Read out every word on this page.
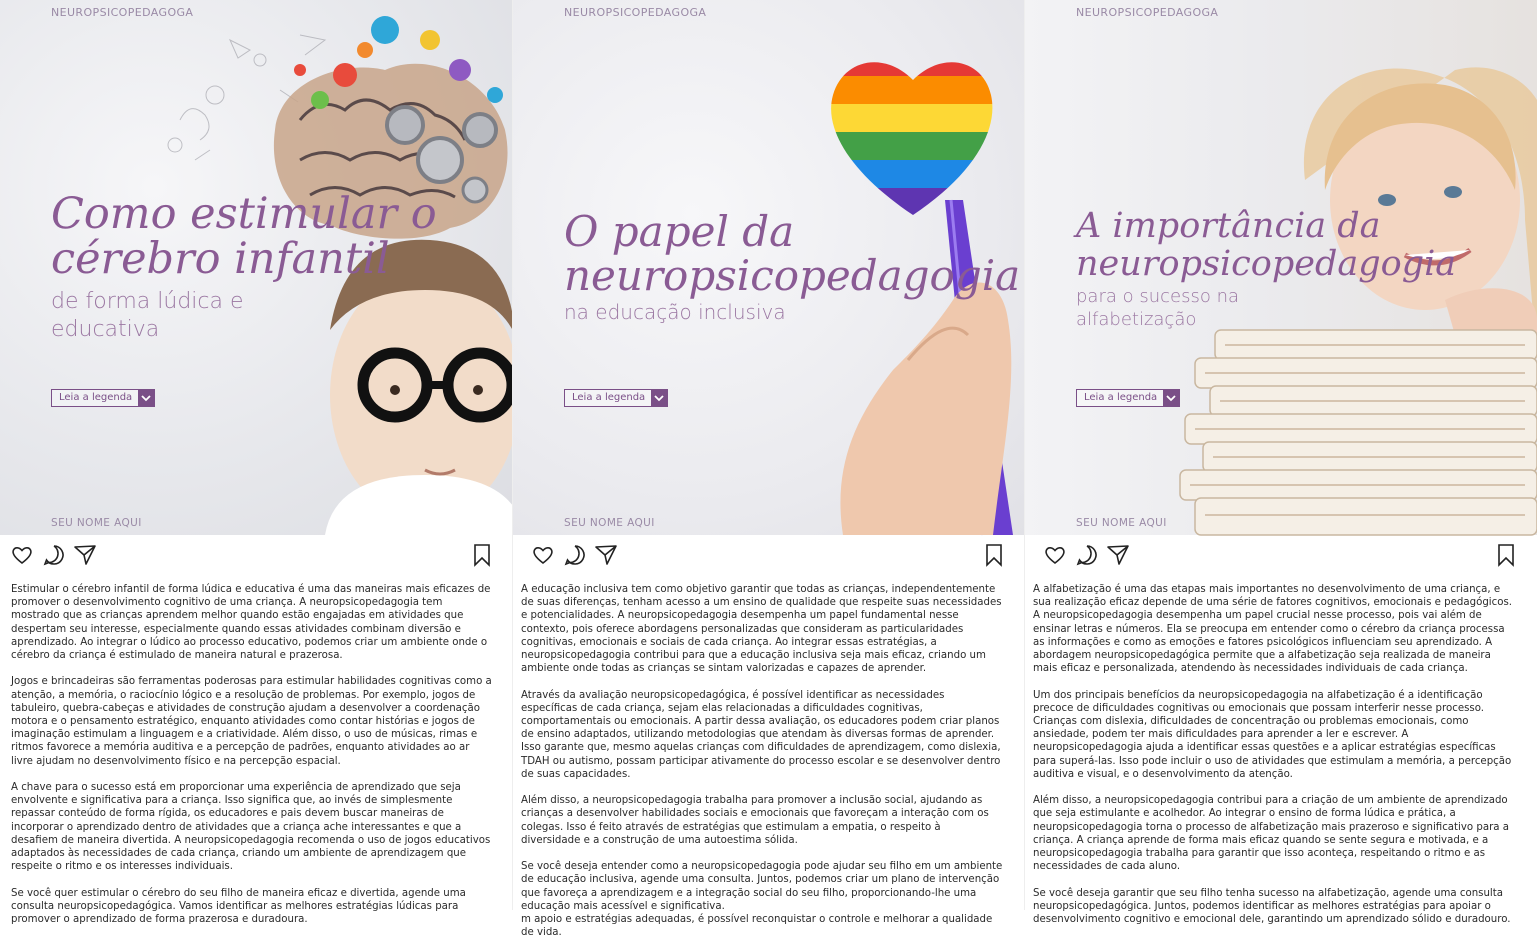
NEUROPSICOPEDAGOGA
Como estimular o
cérebro infantil
de forma lúdica e
educativa
Leia a legenda
SEU NOME AQUI

Estimular o cérebro infantil de forma lúdica e educativa é uma das maneiras mais eficazes de promover o desenvolvimento cognitivo de uma criança. A neuropsicopedagogia tem mostrado que as crianças aprendem melhor quando estão engajadas em atividades que despertam seu interesse, especialmente quando essas atividades combinam diversão e aprendizado. Ao integrar o lúdico ao processo educativo, podemos criar um ambiente onde o cérebro da criança é estimulado de maneira natural e prazerosa.

Jogos e brincadeiras são ferramentas poderosas para estimular habilidades cognitivas como a atenção, a memória, o raciocínio lógico e a resolução de problemas. Por exemplo, jogos de tabuleiro, quebra-cabeças e atividades de construção ajudam a desenvolver a coordenação motora e o pensamento estratégico, enquanto atividades como contar histórias e jogos de imaginação estimulam a linguagem e a criatividade. Além disso, o uso de músicas, rimas e ritmos favorece a memória auditiva e a percepção de padrões, enquanto atividades ao ar livre ajudam no desenvolvimento físico e na percepção espacial.

A chave para o sucesso está em proporcionar uma experiência de aprendizado que seja envolvente e significativa para a criança. Isso significa que, ao invés de simplesmente repassar conteúdo de forma rígida, os educadores e pais devem buscar maneiras de incorporar o aprendizado dentro de atividades que a criança ache interessantes e que a desafiem de maneira divertida. A neuropsicopedagogia recomenda o uso de jogos educativos adaptados às necessidades de cada criança, criando um ambiente de aprendizagem que respeite o ritmo e os interesses individuais.

Se você quer estimular o cérebro do seu filho de maneira eficaz e divertida, agende uma consulta neuropsicopedagógica. Vamos identificar as melhores estratégias lúdicas para promover o aprendizado de forma prazerosa e duradoura.

NEUROPSICOPEDAGOGA
O papel da
neuropsicopedagogia
na educação inclusiva
Leia a legenda
SEU NOME AQUI

A educação inclusiva tem como objetivo garantir que todas as crianças, independentemente de suas diferenças, tenham acesso a um ensino de qualidade que respeite suas necessidades e potencialidades. A neuropsicopedagogia desempenha um papel fundamental nesse contexto, pois oferece abordagens personalizadas que consideram as particularidades cognitivas, emocionais e sociais de cada criança. Ao integrar essas estratégias, a neuropsicopedagogia contribui para que a educação inclusiva seja mais eficaz, criando um ambiente onde todas as crianças se sintam valorizadas e capazes de aprender.

Através da avaliação neuropsicopedagógica, é possível identificar as necessidades específicas de cada criança, sejam elas relacionadas a dificuldades cognitivas, comportamentais ou emocionais. A partir dessa avaliação, os educadores podem criar planos de ensino adaptados, utilizando metodologias que atendam às diversas formas de aprender. Isso garante que, mesmo aquelas crianças com dificuldades de aprendizagem, como dislexia, TDAH ou autismo, possam participar ativamente do processo escolar e se desenvolver dentro de suas capacidades.

Além disso, a neuropsicopedagogia trabalha para promover a inclusão social, ajudando as crianças a desenvolver habilidades sociais e emocionais que favoreçam a interação com os colegas. Isso é feito através de estratégias que estimulam a empatia, o respeito à diversidade e a construção de uma autoestima sólida.

Se você deseja entender como a neuropsicopedagogia pode ajudar seu filho em um ambiente de educação inclusiva, agende uma consulta. Juntos, podemos criar um plano de intervenção que favoreça a aprendizagem e a integração social do seu filho, proporcionando-lhe uma educação mais acessível e significativa.
m apoio e estratégias adequadas, é possível reconquistar o controle e melhorar a qualidade de vida.

NEUROPSICOPEDAGOGA
A importância da
neuropsicopedagogia
para o sucesso na
alfabetização
Leia a legenda
SEU NOME AQUI

A alfabetização é uma das etapas mais importantes no desenvolvimento de uma criança, e sua realização eficaz depende de uma série de fatores cognitivos, emocionais e pedagógicos. A neuropsicopedagogia desempenha um papel crucial nesse processo, pois vai além de ensinar letras e números. Ela se preocupa em entender como o cérebro da criança processa as informações e como as emoções e fatores psicológicos influenciam seu aprendizado. A abordagem neuropsicopedagógica permite que a alfabetização seja realizada de maneira mais eficaz e personalizada, atendendo às necessidades individuais de cada criança.

Um dos principais benefícios da neuropsicopedagogia na alfabetização é a identificação precoce de dificuldades cognitivas ou emocionais que possam interferir nesse processo. Crianças com dislexia, dificuldades de concentração ou problemas emocionais, como ansiedade, podem ter mais dificuldades para aprender a ler e escrever. A neuropsicopedagogia ajuda a identificar essas questões e a aplicar estratégias específicas para superá-las. Isso pode incluir o uso de atividades que estimulam a memória, a percepção auditiva e visual, e o desenvolvimento da atenção.

Além disso, a neuropsicopedagogia contribui para a criação de um ambiente de aprendizado que seja estimulante e acolhedor. Ao integrar o ensino de forma lúdica e prática, a neuropsicopedagogia torna o processo de alfabetização mais prazeroso e significativo para a criança. A criança aprende de forma mais eficaz quando se sente segura e motivada, e a neuropsicopedagogia trabalha para garantir que isso aconteça, respeitando o ritmo e as necessidades de cada aluno.

Se você deseja garantir que seu filho tenha sucesso na alfabetização, agende uma consulta neuropsicopedagógica. Juntos, podemos identificar as melhores estratégias para apoiar o desenvolvimento cognitivo e emocional dele, garantindo um aprendizado sólido e duradouro.
